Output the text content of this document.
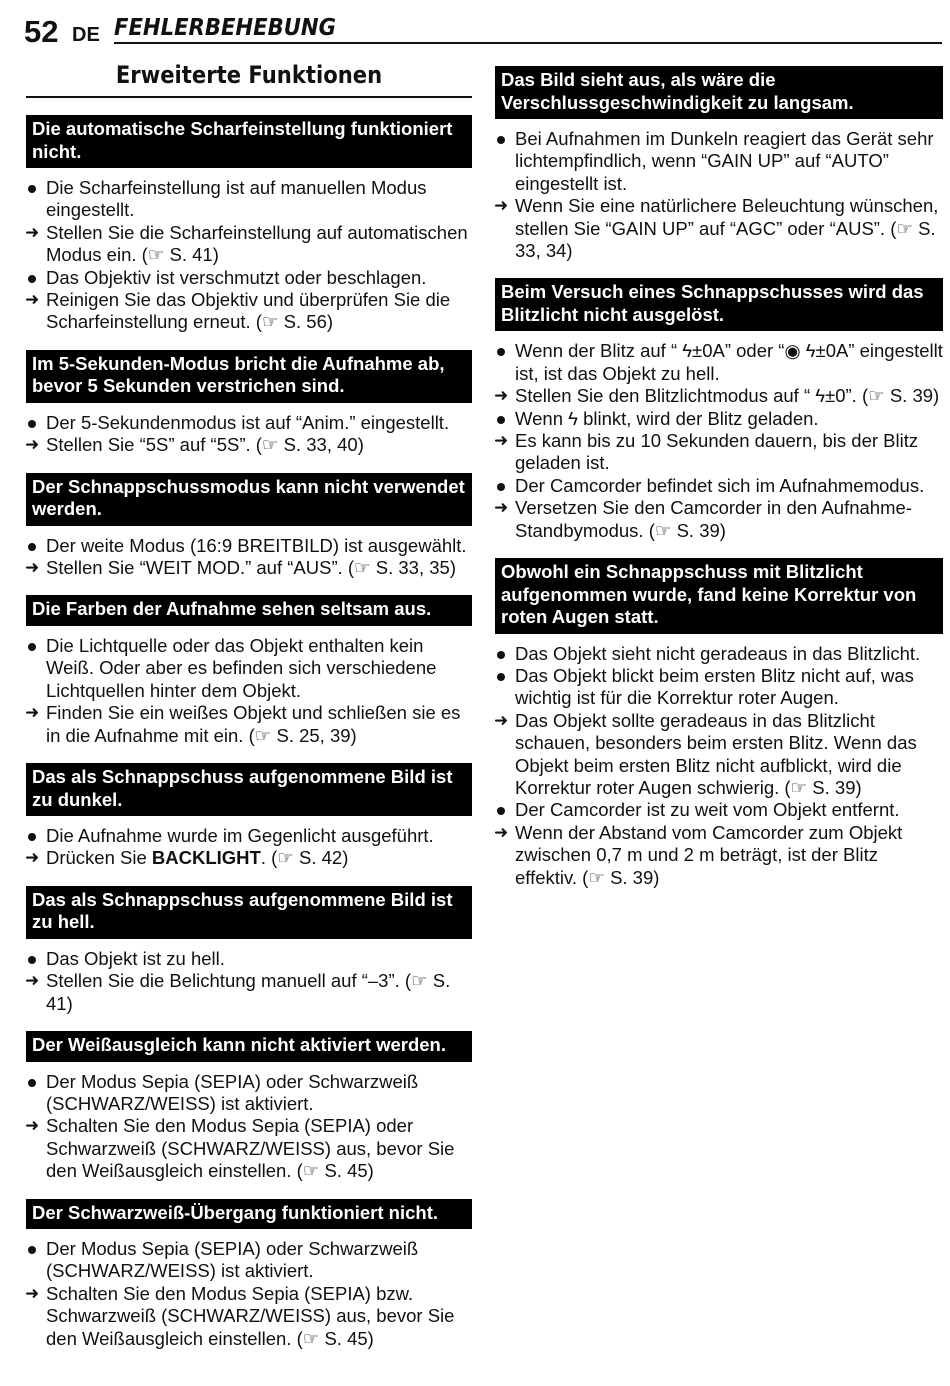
52 DE FEHLERBEHEBUNG
Erweiterte Funktionen
Die automatische Scharfeinstellung funktioniert nicht.
Die Scharfeinstellung ist auf manuellen Modus eingestellt.
➜ Stellen Sie die Scharfeinstellung auf automatischen Modus ein. (☞ S. 41)
Das Objektiv ist verschmutzt oder beschlagen.
➜ Reinigen Sie das Objektiv und überprüfen Sie die Scharfeinstellung erneut. (☞ S. 56)
Im 5-Sekunden-Modus bricht die Aufnahme ab, bevor 5 Sekunden verstrichen sind.
Der 5-Sekundenmodus ist auf “Anim.” eingestellt.
➜ Stellen Sie “5S” auf “5S”. (☞ S. 33, 40)
Der Schnappschussmodus kann nicht verwendet werden.
Der weite Modus (16:9 BREITBILD) ist ausgewählt.
➜ Stellen Sie “WEIT MOD.” auf “AUS”. (☞ S. 33, 35)
Die Farben der Aufnahme sehen seltsam aus.
Die Lichtquelle oder das Objekt enthalten kein Weiß. Oder aber es befinden sich verschiedene Lichtquellen hinter dem Objekt.
➜ Finden Sie ein weißes Objekt und schließen sie es in die Aufnahme mit ein. (☞ S. 25, 39)
Das als Schnappschuss aufgenommene Bild ist zu dunkel.
Die Aufnahme wurde im Gegenlicht ausgeführt.
➜ Drücken Sie BACKLIGHT. (☞ S. 42)
Das als Schnappschuss aufgenommene Bild ist zu hell.
Das Objekt ist zu hell.
➜ Stellen Sie die Belichtung manuell auf “–3”. (☞ S. 41)
Der Weißausgleich kann nicht aktiviert werden.
Der Modus Sepia (SEPIA) oder Schwarzweiß (SCHWARZ/WEISS) ist aktiviert.
➜ Schalten Sie den Modus Sepia (SEPIA) oder Schwarzweiß (SCHWARZ/WEISS) aus, bevor Sie den Weißausgleich einstellen. (☞ S. 45)
Der Schwarzweiß-Übergang funktioniert nicht.
Der Modus Sepia (SEPIA) oder Schwarzweiß (SCHWARZ/WEISS) ist aktiviert.
➜ Schalten Sie den Modus Sepia (SEPIA) bzw. Schwarzweiß (SCHWARZ/WEISS) aus, bevor Sie den Weißausgleich einstellen. (☞ S. 45)
Das Bild sieht aus, als wäre die Verschlussgeschwindigkeit zu langsam.
Bei Aufnahmen im Dunkeln reagiert das Gerät sehr lichtempfindlich, wenn “GAIN UP” auf “AUTO” eingestellt ist.
➜ Wenn Sie eine natürlichere Beleuchtung wünschen, stellen Sie “GAIN UP” auf “AGC” oder “AUS”. (☞ S. 33, 34)
Beim Versuch eines Schnappschusses wird das Blitzlicht nicht ausgelöst.
Wenn der Blitz auf “ ϟ±0A” oder “◉ ϟ±0A” eingestellt ist, ist das Objekt zu hell.
➜ Stellen Sie den Blitzlichtmodus auf “ ϟ±0”. (☞ S. 39)
Wenn ϟ blinkt, wird der Blitz geladen.
➜ Es kann bis zu 10 Sekunden dauern, bis der Blitz geladen ist.
Der Camcorder befindet sich im Aufnahmemodus.
➜ Versetzen Sie den Camcorder in den Aufnahme-Standbymodus. (☞ S. 39)
Obwohl ein Schnappschuss mit Blitzlicht aufgenommen wurde, fand keine Korrektur von roten Augen statt.
Das Objekt sieht nicht geradeaus in das Blitzlicht.
Das Objekt blickt beim ersten Blitz nicht auf, was wichtig ist für die Korrektur roter Augen.
➜ Das Objekt sollte geradeaus in das Blitzlicht schauen, besonders beim ersten Blitz. Wenn das Objekt beim ersten Blitz nicht aufblickt, wird die Korrektur roter Augen schwierig. (☞ S. 39)
Der Camcorder ist zu weit vom Objekt entfernt.
➜ Wenn der Abstand vom Camcorder zum Objekt zwischen 0,7 m und 2 m beträgt, ist der Blitz effektiv. (☞ S. 39)
